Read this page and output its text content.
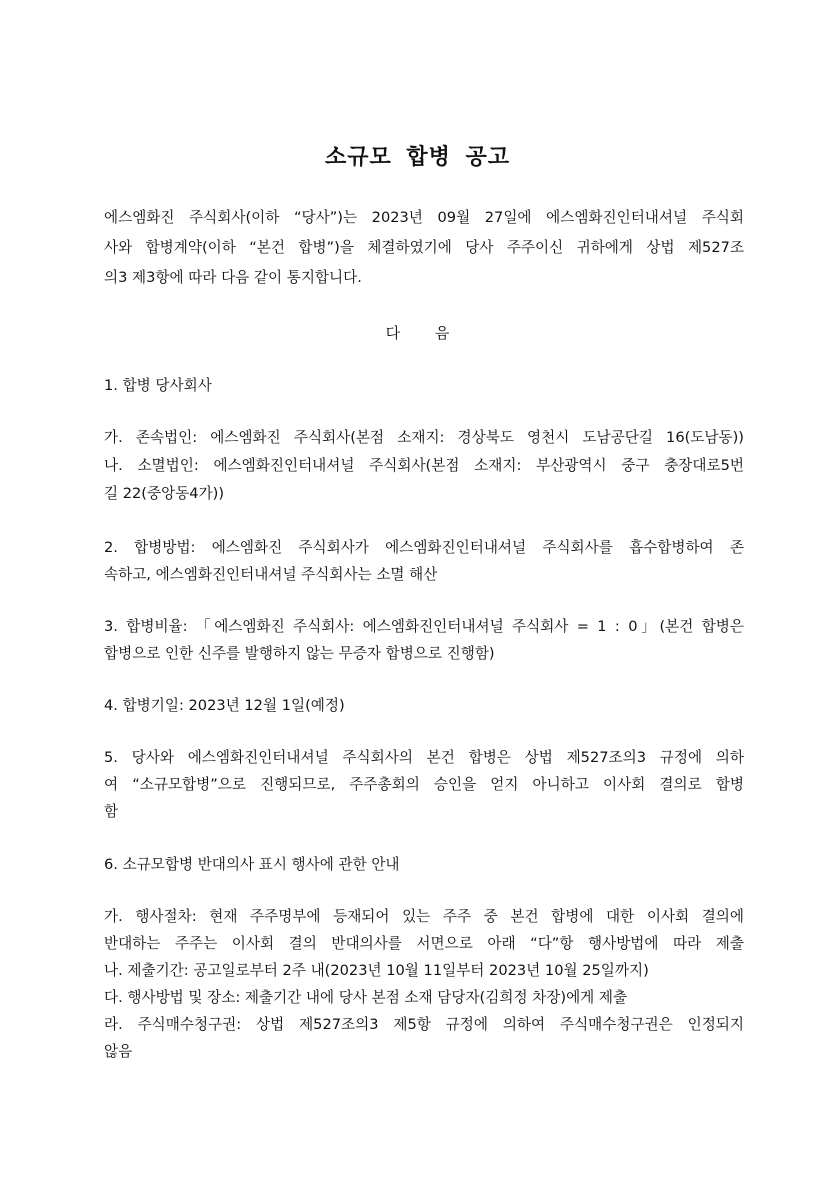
소규모 합병 공고
에스엠화진 주식회사(이하 “당사”)는 2023년 09월 27일에 에스엠화진인터내셔널 주식회
사와 합병계약(이하 “본건 합병”)을 체결하였기에 당사 주주이신 귀하에게 상법 제527조
의3 제3항에 따라 다음 같이 통지합니다.
다 음
1. 합병 당사회사
가. 존속법인: 에스엠화진 주식회사(본점 소재지: 경상북도 영천시 도남공단길 16(도남동))
나. 소멸법인: 에스엠화진인터내셔널 주식회사(본점 소재지: 부산광역시 중구 충장대로5번
길 22(중앙동4가))
2. 합병방법: 에스엠화진 주식회사가 에스엠화진인터내셔널 주식회사를 흡수합병하여 존
속하고, 에스엠화진인터내셔널 주식회사는 소멸 해산
3. 합병비율: 「에스엠화진 주식회사: 에스엠화진인터내셔널 주식회사 = 1 : 0」(본건 합병은
합병으로 인한 신주를 발행하지 않는 무증자 합병으로 진행함)
4. 합병기일: 2023년 12월 1일(예정)
5. 당사와 에스엠화진인터내셔널 주식회사의 본건 합병은 상법 제527조의3 규정에 의하
여 “소규모합병”으로 진행되므로, 주주총회의 승인을 얻지 아니하고 이사회 결의로 합병
함
6. 소규모합병 반대의사 표시 행사에 관한 안내
가. 행사절차: 현재 주주명부에 등재되어 있는 주주 중 본건 합병에 대한 이사회 결의에
반대하는 주주는 이사회 결의 반대의사를 서면으로 아래 “다”항 행사방법에 따라 제출
나. 제출기간: 공고일로부터 2주 내(2023년 10월 11일부터 2023년 10월 25일까지)
다. 행사방법 및 장소: 제출기간 내에 당사 본점 소재 담당자(김희정 차장)에게 제출
라. 주식매수청구권: 상법 제527조의3 제5항 규정에 의하여 주식매수청구권은 인정되지
않음
